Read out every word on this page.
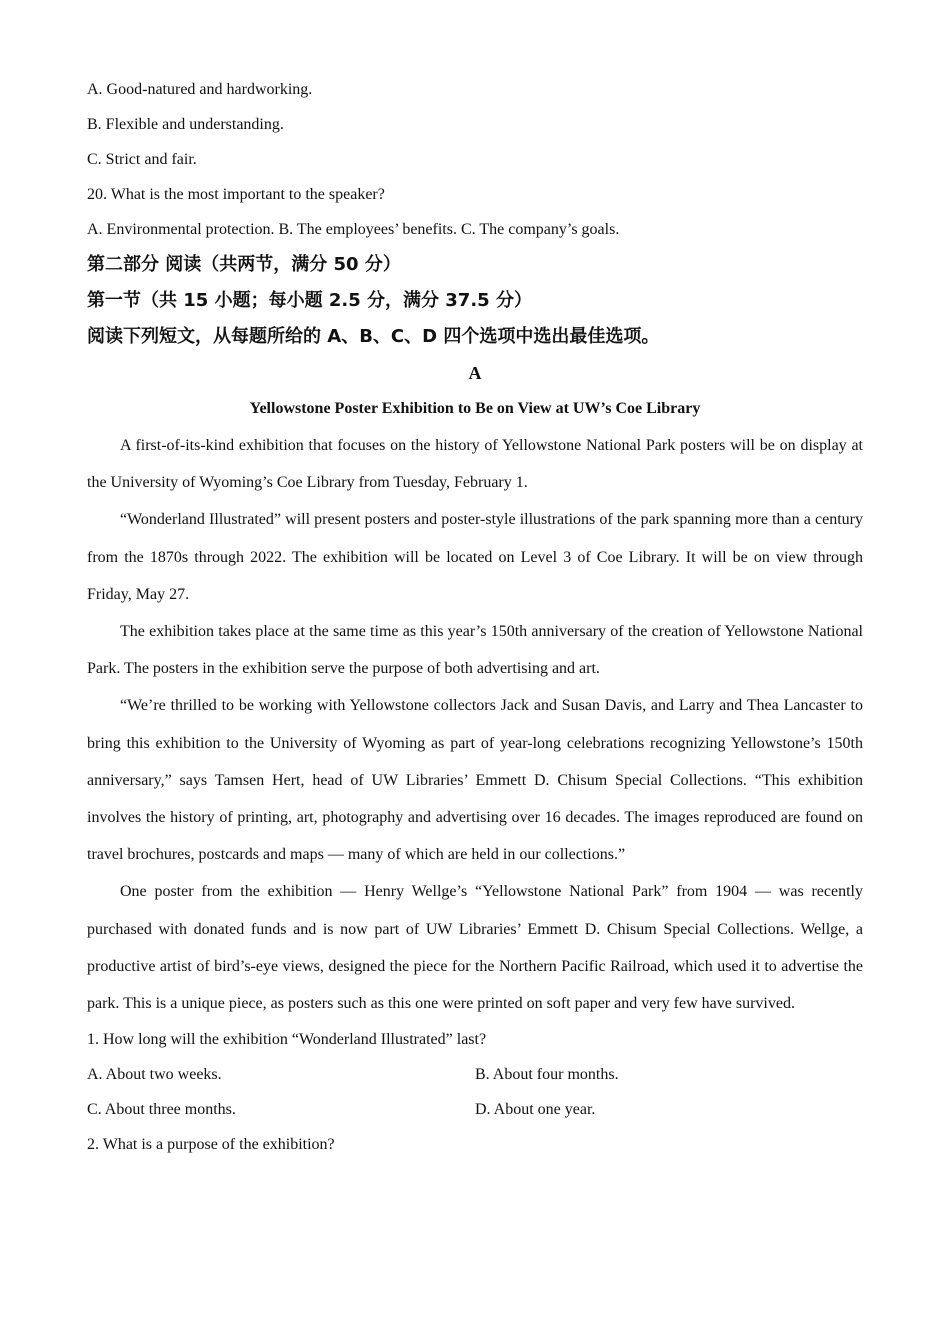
A. Good-natured and hardworking.

B. Flexible and understanding.

C. Strict and fair.

20. What is the most important to the speaker?

A. Environmental protection. B. The employees’ benefits. C. The company’s goals.

第二部分 阅读（共两节，满分 50 分）

第一节（共 15 小题；每小题 2.5 分，满分 37.5 分）

阅读下列短文，从每题所给的 A、B、C、D 四个选项中选出最佳选项。

A

Yellowstone Poster Exhibition to Be on View at UW’s Coe Library

A first-of-its-kind exhibition that focuses on the history of Yellowstone National Park posters will be on display at the University of Wyoming’s Coe Library from Tuesday, February 1.

“Wonderland Illustrated” will present posters and poster-style illustrations of the park spanning more than a century from the 1870s through 2022. The exhibition will be located on Level 3 of Coe Library. It will be on view through Friday, May 27.

The exhibition takes place at the same time as this year’s 150th anniversary of the creation of Yellowstone National Park. The posters in the exhibition serve the purpose of both advertising and art.

“We’re thrilled to be working with Yellowstone collectors Jack and Susan Davis, and Larry and Thea Lancaster to bring this exhibition to the University of Wyoming as part of year-long celebrations recognizing Yellowstone’s 150th anniversary,” says Tamsen Hert, head of UW Libraries’ Emmett D. Chisum Special Collections. “This exhibition involves the history of printing, art, photography and advertising over 16 decades. The images reproduced are found on travel brochures, postcards and maps — many of which are held in our collections.”

One poster from the exhibition — Henry Wellge’s “Yellowstone National Park” from 1904 — was recently purchased with donated funds and is now part of UW Libraries’ Emmett D. Chisum Special Collections. Wellge, a productive artist of bird’s-eye views, designed the piece for the Northern Pacific Railroad, which used it to advertise the park. This is a unique piece, as posters such as this one were printed on soft paper and very few have survived.

1. How long will the exhibition “Wonderland Illustrated” last?

A. About two weeks.	B. About four months.
C. About three months.	D. About one year.

2. What is a purpose of the exhibition?
